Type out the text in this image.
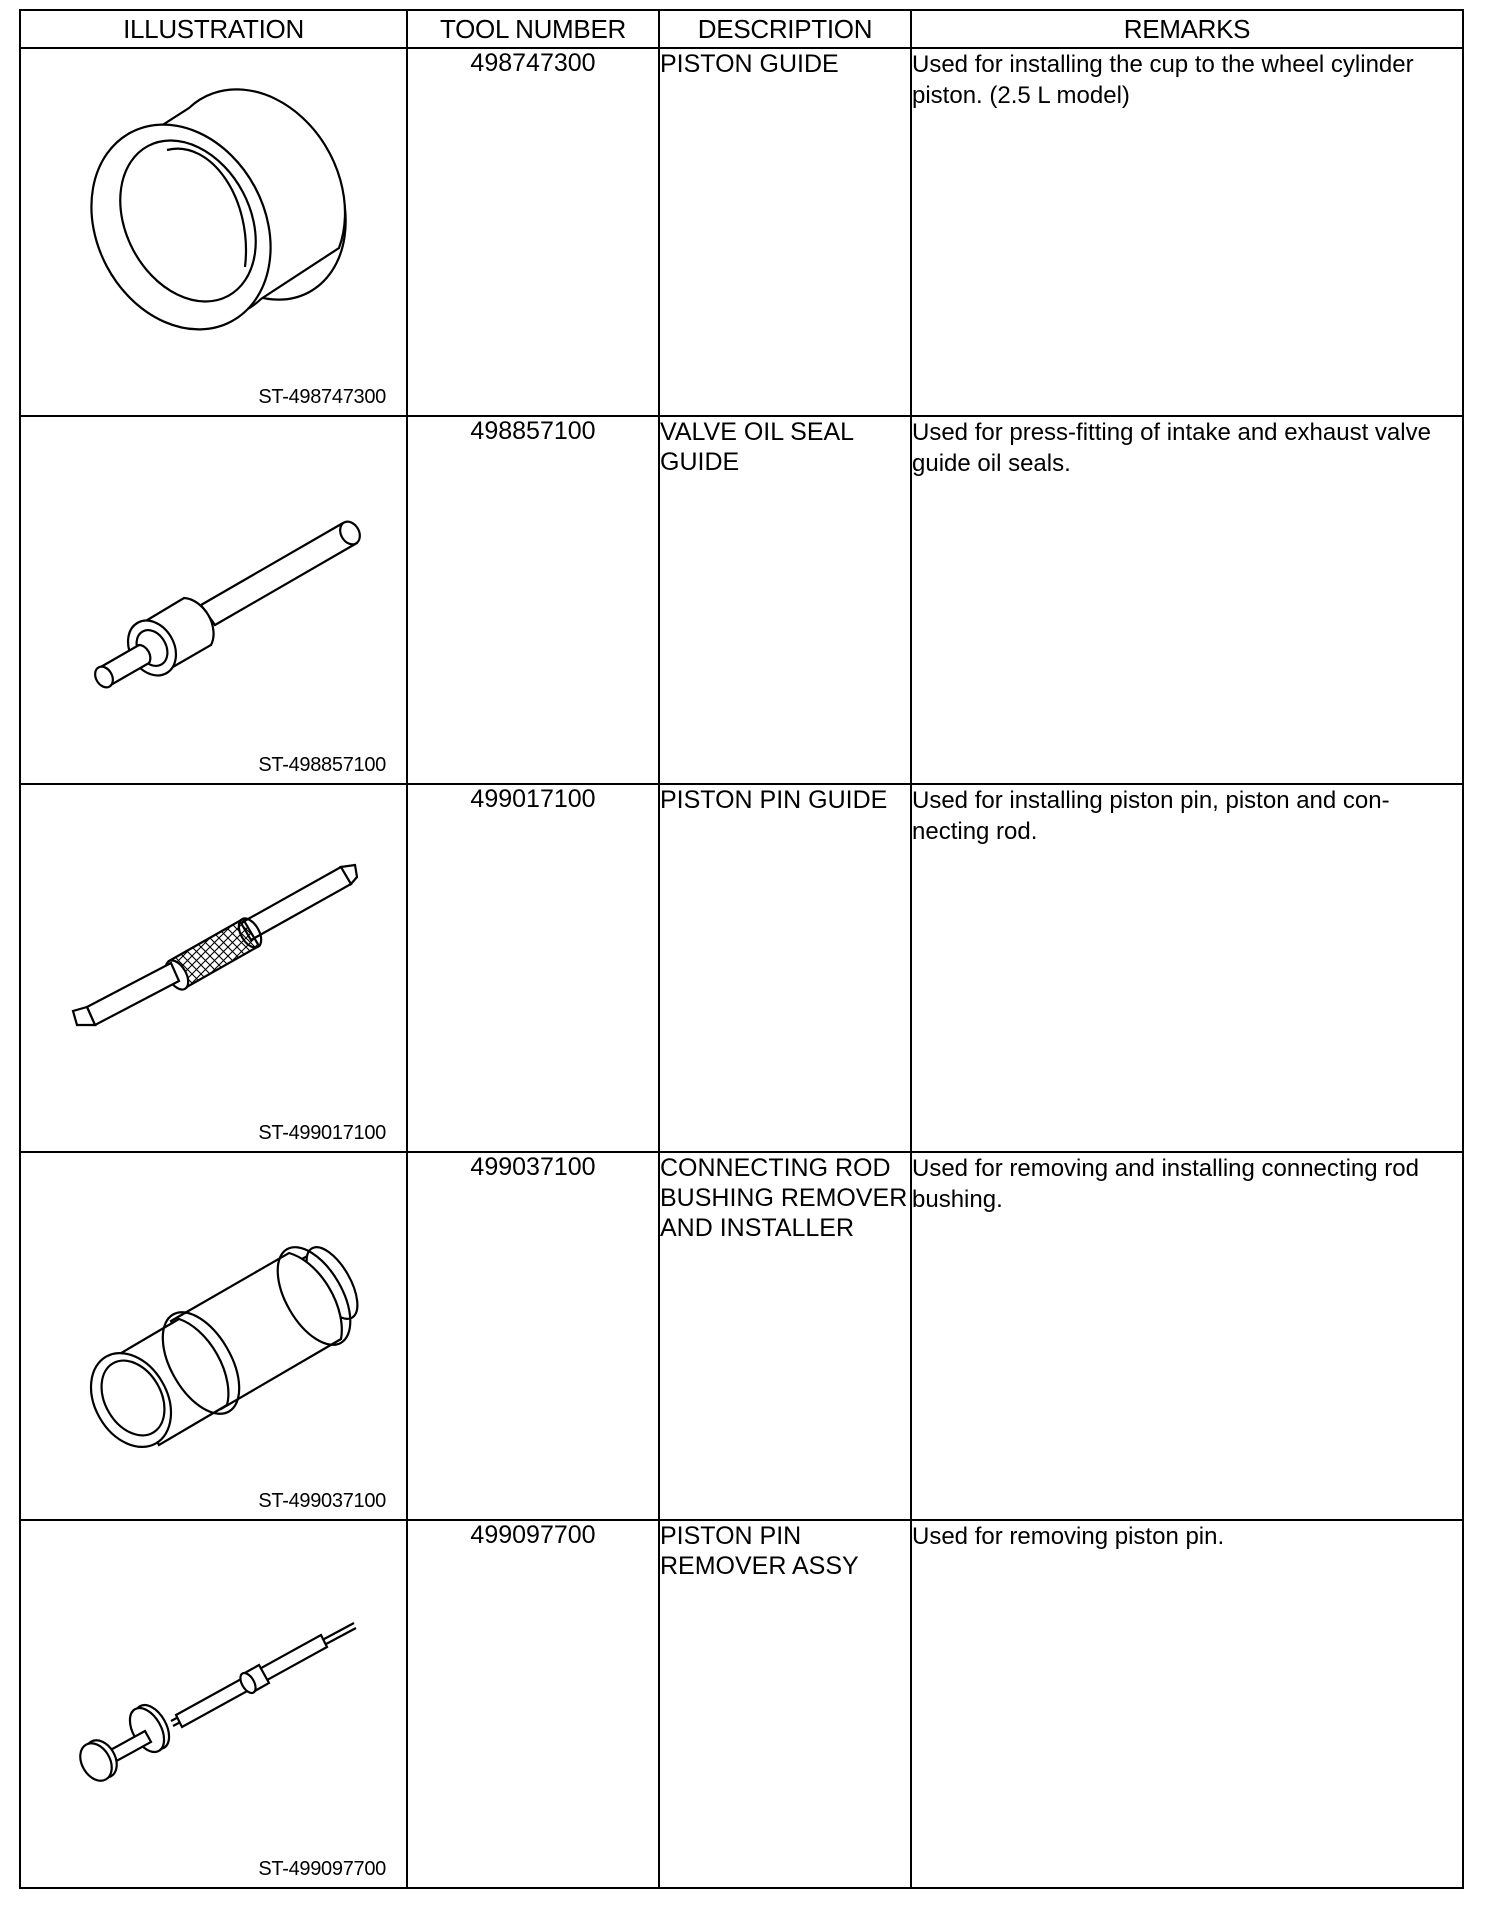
ILLUSTRATION	TOOL NUMBER	DESCRIPTION	REMARKS

ST-498747300	498747300	PISTON GUIDE	Used for installing the cup to the wheel cylinder piston. (2.5 L model)

ST-498857100	498857100	VALVE OIL SEAL GUIDE	Used for press-fitting of intake and exhaust valve guide oil seals.

ST-499017100	499017100	PISTON PIN GUIDE	Used for installing piston pin, piston and con-necting rod.

ST-499037100	499037100	CONNECTING ROD BUSHING REMOVER AND INSTALLER	Used for removing and installing connecting rod bushing.

ST-499097700	499097700	PISTON PIN REMOVER ASSY	Used for removing piston pin.
